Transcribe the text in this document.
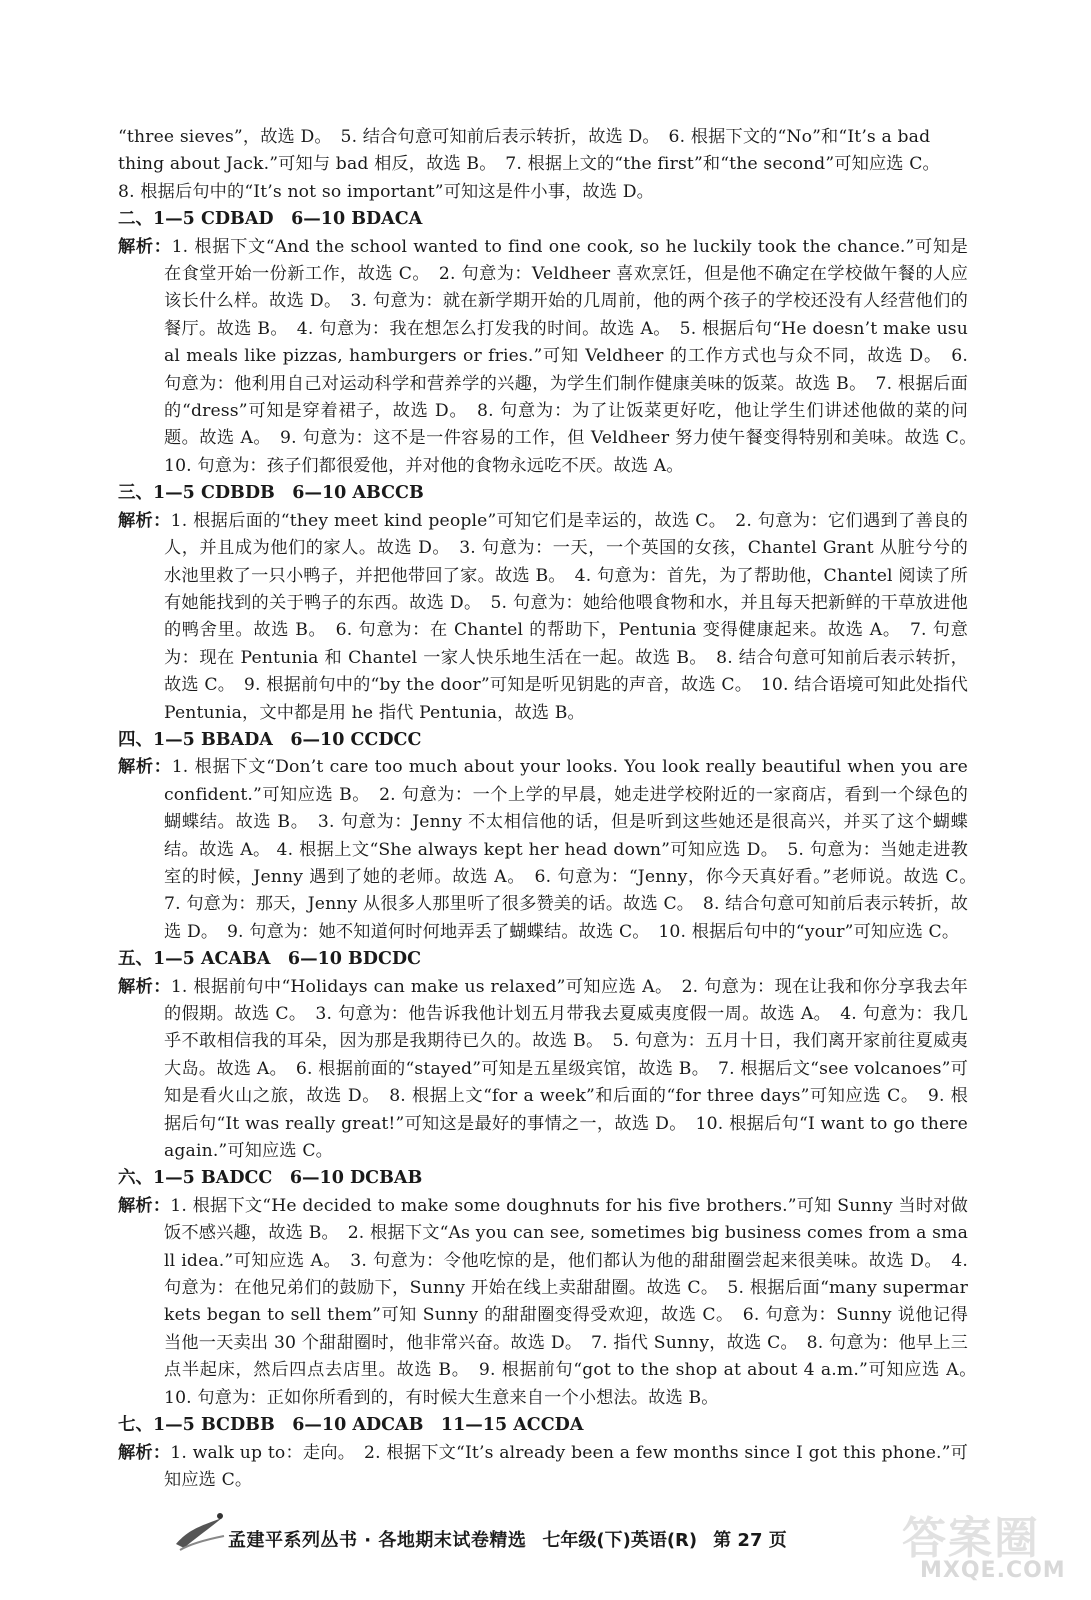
“three sieves”，故选 D。　5. 结合句意可知前后表示转折，故选 D。　6. 根据下文的“No”和“It’s a bad

thing about Jack.”可知与 bad 相反，故选 B。　7. 根据上文的“the first”和“the second”可知应选 C。

8. 根据后句中的“It’s not so important”可知这是件小事，故选 D。

二、1—5 CDBAD　6—10 BDACA

解析：1. 根据下文“And the school wanted to find one cook, so he luckily took the chance.”可知是在食堂开始一份新工作，故选 C。　2. 句意为：Veldheer 喜欢烹饪，但是他不确定在学校做午餐的人应该长什么样。故选 D。　3. 句意为：就在新学期开始的几周前，他的两个孩子的学校还没有人经营他们的餐厅。故选 B。　4. 句意为：我在想怎么打发我的时间。故选 A。　5. 根据后句“He doesn’t make usual meals like pizzas, hamburgers or fries.”可知 Veldheer 的工作方式也与众不同，故选 D。　6. 句意为：他利用自己对运动科学和营养学的兴趣，为学生们制作健康美味的饭菜。故选 B。　7. 根据后面的“dress”可知是穿着裙子，故选 D。　8. 句意为：为了让饭菜更好吃，他让学生们讲述他做的菜的问题。故选 A。　9. 句意为：这不是一件容易的工作，但 Veldheer 努力使午餐变得特别和美味。故选 C。　10. 句意为：孩子们都很爱他，并对他的食物永远吃不厌。故选 A。

三、1—5 CDBDB　6—10 ABCCB

解析：1. 根据后面的“they meet kind people”可知它们是幸运的，故选 C。　2. 句意为：它们遇到了善良的人，并且成为他们的家人。故选 D。　3. 句意为：一天，一个英国的女孩，Chantel Grant 从脏兮兮的水池里救了一只小鸭子，并把他带回了家。故选 B。　4. 句意为：首先，为了帮助他，Chantel 阅读了所有她能找到的关于鸭子的东西。故选 D。　5. 句意为：她给他喂食物和水，并且每天把新鲜的干草放进他的鸭舍里。故选 B。　6. 句意为：在 Chantel 的帮助下，Pentunia 变得健康起来。故选 A。　7. 句意为：现在 Pentunia 和 Chantel 一家人快乐地生活在一起。故选 B。　8. 结合句意可知前后表示转折，故选 C。　9. 根据前句中的“by the door”可知是听见钥匙的声音，故选 C。　10. 结合语境可知此处指代 Pentunia，文中都是用 he 指代 Pentunia，故选 B。

四、1—5 BBADA　6—10 CCDCC

解析：1. 根据下文“Don’t care too much about your looks. You look really beautiful when you are confident.”可知应选 B。　2. 句意为：一个上学的早晨，她走进学校附近的一家商店，看到一个绿色的蝴蝶结。故选 B。　3. 句意为：Jenny 不太相信他的话，但是听到这些她还是很高兴，并买了这个蝴蝶结。故选 A。 4. 根据上文“She always kept her head down”可知应选 D。　5. 句意为：当她走进教室的时候，Jenny 遇到了她的老师。故选 A。　6. 句意为：“Jenny，你今天真好看。”老师说。故选 C。　7. 句意为：那天，Jenny 从很多人那里听了很多赞美的话。故选 C。　8. 结合句意可知前后表示转折，故选 D。　9. 句意为：她不知道何时何地弄丢了蝴蝶结。故选 C。　10. 根据后句中的“your”可知应选 C。

五、1—5 ACABA　6—10 BDCDC

解析：1. 根据前句中“Holidays can make us relaxed”可知应选 A。　2. 句意为：现在让我和你分享我去年的假期。故选 C。　3. 句意为：他告诉我他计划五月带我去夏威夷度假一周。故选 A。　4. 句意为：我几乎不敢相信我的耳朵，因为那是我期待已久的。故选 B。　5. 句意为：五月十日，我们离开家前往夏威夷大岛。故选 A。　6. 根据前面的“stayed”可知是五星级宾馆，故选 B。　7. 根据后文“see volcanoes”可知是看火山之旅，故选 D。　8. 根据上文“for a week”和后面的“for three days”可知应选 C。　9. 根据后句“It was really great!”可知这是最好的事情之一，故选 D。　10. 根据后句“I want to go there again.”可知应选 C。

六、1—5 BADCC　6—10 DCBAB

解析：1. 根据下文“He decided to make some doughnuts for his five brothers.”可知 Sunny 当时对做饭不感兴趣，故选 B。　2. 根据下文“As you can see, sometimes big business comes from a small idea.”可知应选 A。　3. 句意为：令他吃惊的是，他们都认为他的甜甜圈尝起来很美味。故选 D。　4. 句意为：在他兄弟们的鼓励下，Sunny 开始在线上卖甜甜圈。故选 C。　5. 根据后面“many supermarkets began to sell them”可知 Sunny 的甜甜圈变得受欢迎，故选 C。　6. 句意为：Sunny 说他记得当他一天卖出 30 个甜甜圈时，他非常兴奋。故选 D。　7. 指代 Sunny，故选 C。　8. 句意为：他早上三点半起床，然后四点去店里。故选 B。　9. 根据前句“got to the shop at about 4 a.m.”可知应选 A。　10. 句意为：正如你所看到的，有时候大生意来自一个小想法。故选 B。

七、1—5 BCDBB　6—10 ADCAB　11—15 ACCDA

解析：1. walk up to：走向。　2. 根据下文“It’s already been a few months since I got this phone.”可知应选 C。

孟建平系列丛书 · 各地期末试卷精选 七年级(下)英语(R) 第 27 页	答案圈
MXQE.COM
